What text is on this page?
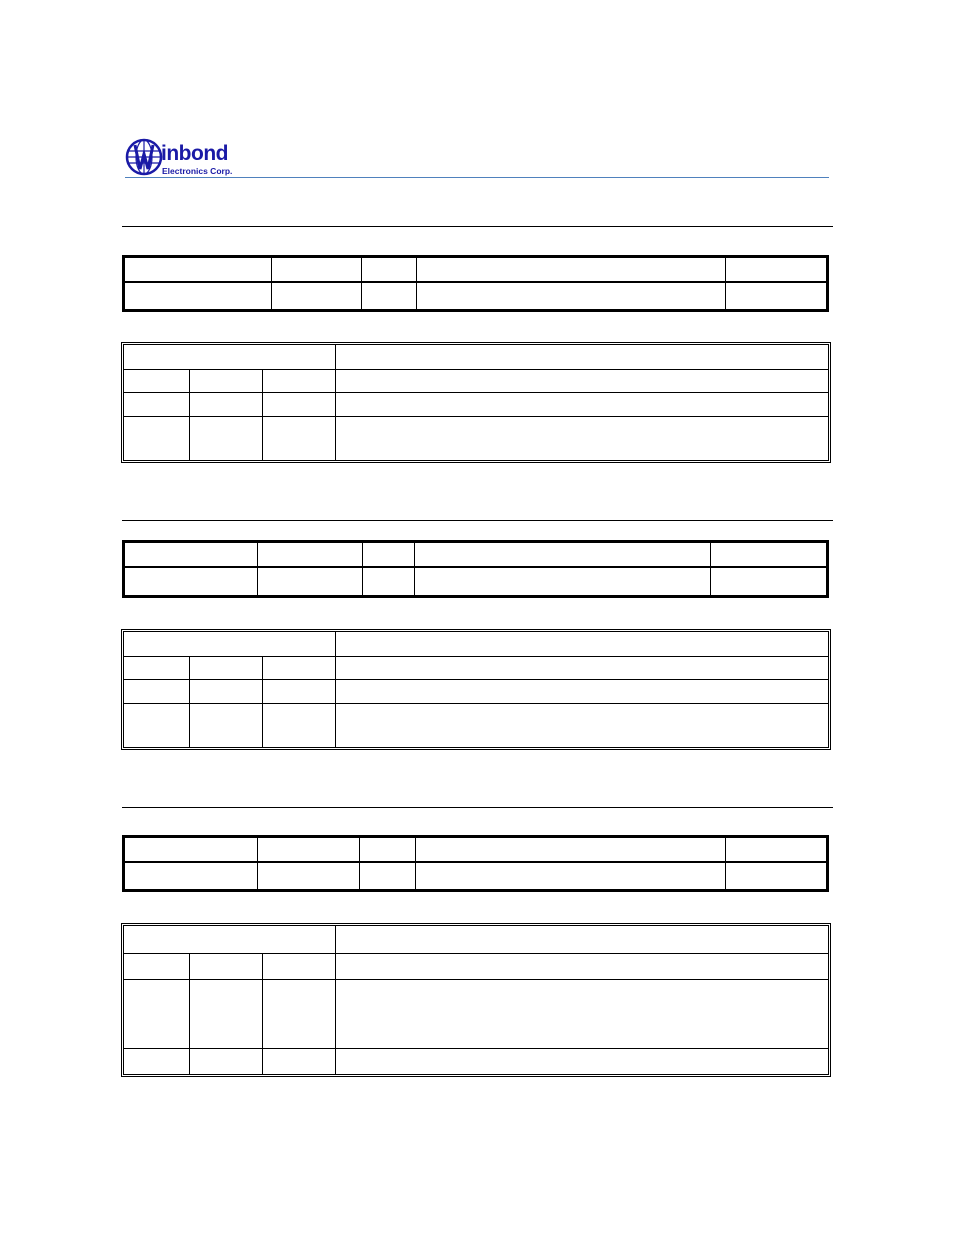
inbond
Electronics Corp.
